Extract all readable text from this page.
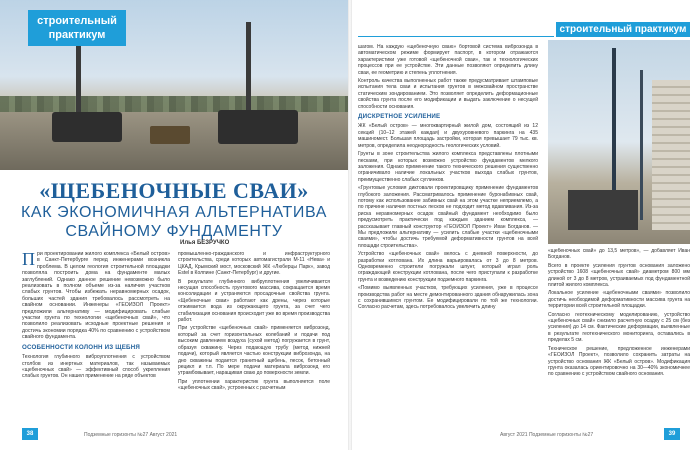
строительный
практикум
«ЩЕБЕНОЧНЫЕ СВАИ»
КАК ЭКОНОМИЧНАЯ АЛЬТЕРНАТИВА
СВАЙНОМУ ФУНДАМЕНТУ
Илья БЕЗРУЧКО

При проектировании жилого комплекса «Белый остров» в Санкт-Петербурге перед инженерами возникла проблема. В целом геология строительной площадки позволяла построить дома на фундаменте малых заглублений. Однако данное решение невозможно было реализовать в полном объеме из-за наличия участков слабых грунтов. Чтобы избежать неравномерных осадок, больших частей здания требовалось рассмотреть на свайном основании. Инженеры «ГЕОИЗОЛ Проект» предложили альтернативу — модифицировать слабые участки грунта по технологии «щебеночных свай», что позволило реализовать исходные проектные решения и достичь экономии порядка 40% по сравнению с устройством свайного фундамента.

ОСОБЕННОСТИ КОЛОНН ИЗ ЩЕБНЯ

Технология глубинного виброуплотнения с устройством столбов из инертных материалов, так называемых «щебеночных свай» — эффективный способ укрепления слабых грунтов. Он нашел применение на ряде объектов

промышленно-гражданского и инфраструктурного строительства, среди которых автомагистрали М-11 «Нева» и ЦКАД, Крымский мост, московский ЖК «Люберцы Парк», завод Estel в Колпине (Санкт-Петербург) и другие.

В результате глубинного вибруплотнения увеличивается несущая способность грунтового массива, сокращается время консолидации и устраняются просадочные свойства грунта. «Щебеночные сваи» работают как дрены, через которые отжимается вода из окружающего грунта, за счет чего стабилизация основания происходит уже во время производства работ.

При устройстве «щебеночных свай» применяется виброзонд, который за счет горизонтальных колебаний и подачи под высоким давлением воздуха (сухой метод) погружается в грунт, образуя скважину. Через подающую трубу (метод нижней подачи), который является частью конструкции виброзонда, на дно скважины подается гранитный щебень, песок, бетонный рецикл и т.п. По мере подачи материала виброзонд его утрамбовывает, наращивая сваю до поверхности земли.

При уплотнении характеристик грунта выполняется поле «щебеночных свай», устроенных с расчетным

38	Подземные горизонты №27 Август 2021
строительный практикум

шагом. На каждую «щебеночную сваю» бортовой система виброзонда в автоматическом режиме формирует паспорт, в котором отражаются характеристики уже готовой «щебеночной сваи», так и технологических процессов при ее устройстве. Эти данные позволяют определить длину сваи, ее геометрию и степень уплотнения.

Контроль качества выполненных работ также предусматривает штамповые испытания тела сваи и испытания грунтов в межсвайном пространстве статическим зондированием. Это позволяет определить деформационные свойства грунта после его модификации и выдать заключение о несущей способности основания.

ДИСКРЕТНОЕ УСИЛЕНИЕ

ЖК «Белый остров» — многоквартирный жилой дом, состоящий из 12 секций (10–12 этажей каждая) и двухуровневого паркинга на 435 машиномест. Большая площадь застройки, которая превышает 79 тыс. кв. метров, определила неоднородность геологических условий.

Грунты в зоне строительства жилого комплекса представлены плотными песками, при которых возможно устройство фундаментов мелкого заложения. Однако применение такого технического решения существенно ограничивало наличие локальных участков выхода слабых грунтов, преимущественно слабых суглинков.

«Грунтовые условия диктовали проектировщику применение фундаментов глубокого заложения. Рассматривалось применение буронабивных свай, потому как использование забивных свай на этом участке неприемлемо, а по причине наличия постных песков не подходит метод вдавливания. Из-за риска неравномерных осадок свайный фундамент необходимо было предусмотреть практически под каждым зданием комплекса, — рассказывает главный конструктор «ГЕОИЗОЛ Проект» Иван Богданов. — Мы предложили альтернативу — усилить слабые участки «щебеночными сваями», чтобы достичь требуемой деформативности грунтов на всей площади строительства».

Устройство «щебеночных свай» велось с дневной поверхности, до разработки котлована. Их длина варьировалась от 3 до 8 метров. Одновременно строители погружали шпунт, который играл роль ограждающей конструкции котлована, после чего приступали к разработке грунта и возведению конструкции подземного паркинга.

«Помимо выявленных участков, требующих усиления, уже в процессе производства работ на месте демонтированного здания обнаружилась зона с сохранившимся грунтом. Ее модифицировали по той же технологии. Согласно расчетам, здесь потребовалось увеличить длину

«щебеночных свай» до 13,5 метров», — добавляет Иван Богданов.

Всего в проекте усиления грунтов основания заложено устройство 1608 «щебеночных свай» диаметром 800 мм длиной от 3 до 8 метров, устраиваемых под фундаментной плитой жилого комплекса.

Локальное усиление «щебеночными сваями» позволило достичь необходимой деформативности массива грунта на территории всей строительной площадки.

Согласно геотехническому моделированию, устройство «щебеночных свай» снизило расчетную осадку с 25 см (без усиления) до 14 см. Фактические деформации, выявленные в результате геотехнического мониторинга, оставались в пределах 5 см.

Техническое решение, предложенное инженерами «ГЕОИЗОЛ Проект», позволило сохранить затраты на устройство основания ЖК «Белый остров». Модификация грунта оказалась ориентировочно на 30—40% экономичнее по сравнению с устройством свайного основания.

Август 2021 Подземные горизонты №27	39
